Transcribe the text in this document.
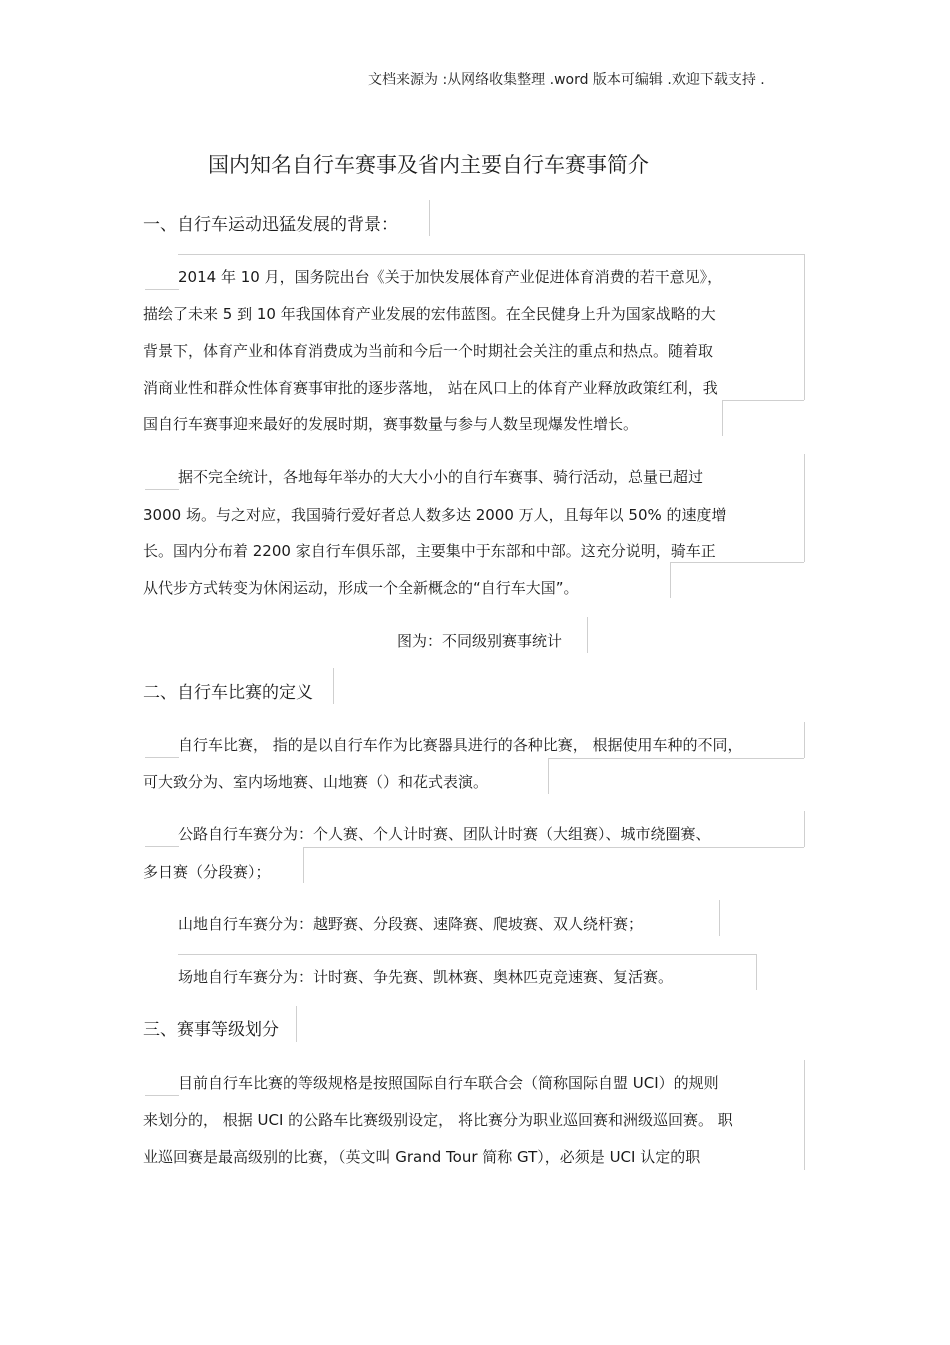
文档来源为 :从网络收集整理 .word 版本可编辑 .欢迎下载支持 .
国内知名自行车赛事及省内主要自行车赛事简介
一、自行车运动迅猛发展的背景：
2014 年 10 月，国务院出台《关于加快发展体育产业促进体育消费的若干意见》，
描绘了未来 5 到 10 年我国体育产业发展的宏伟蓝图。在全民健身上升为国家战略的大
背景下，体育产业和体育消费成为当前和今后一个时期社会关注的重点和热点。随着取
消商业性和群众性体育赛事审批的逐步落地， 站在风口上的体育产业释放政策红利，我
国自行车赛事迎来最好的发展时期，赛事数量与参与人数呈现爆发性增长。
据不完全统计，各地每年举办的大大小小的自行车赛事、骑行活动，总量已超过
3000 场。与之对应，我国骑行爱好者总人数多达 2000 万人，且每年以 50% 的速度增
长。国内分布着 2200 家自行车俱乐部，主要集中于东部和中部。这充分说明，骑车正
从代步方式转变为休闲运动，形成一个全新概念的“自行车大国”。
图为：不同级别赛事统计
二、自行车比赛的定义
自行车比赛， 指的是以自行车作为比赛器具进行的各种比赛， 根据使用车种的不同，
可大致分为、室内场地赛、山地赛（）和花式表演。
公路自行车赛分为：个人赛、个人计时赛、团队计时赛（大组赛）、城市绕圈赛、
多日赛（分段赛）；
山地自行车赛分为：越野赛、分段赛、速降赛、爬坡赛、双人绕杆赛；
场地自行车赛分为：计时赛、争先赛、凯林赛、奥林匹克竞速赛、复活赛。
三、赛事等级划分
目前自行车比赛的等级规格是按照国际自行车联合会（简称国际自盟 UCI）的规则
来划分的， 根据 UCI 的公路车比赛级别设定， 将比赛分为职业巡回赛和洲级巡回赛。 职
业巡回赛是最高级别的比赛，（英文叫 Grand Tour 简称 GT），必须是 UCI 认定的职
